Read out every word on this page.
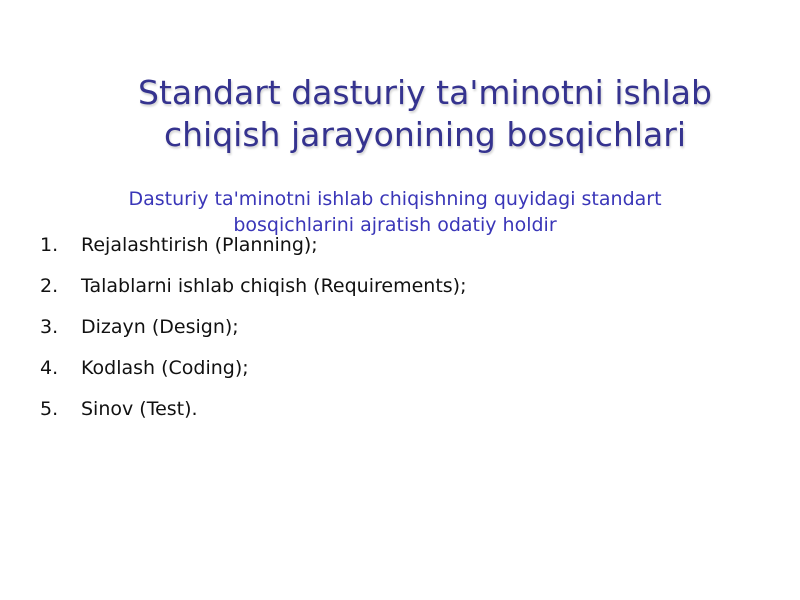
Standart dasturiy ta'minotni ishlab chiqish jarayonining bosqichlari
Dasturiy ta'minotni ishlab chiqishning quyidagi standart bosqichlarini ajratish odatiy holdir
1.	Rejalashtirish (Planning);
2.	Talablarni ishlab chiqish (Requirements);
3.	Dizayn (Design);
4.	Kodlash (Coding);
5.	Sinov (Test).
